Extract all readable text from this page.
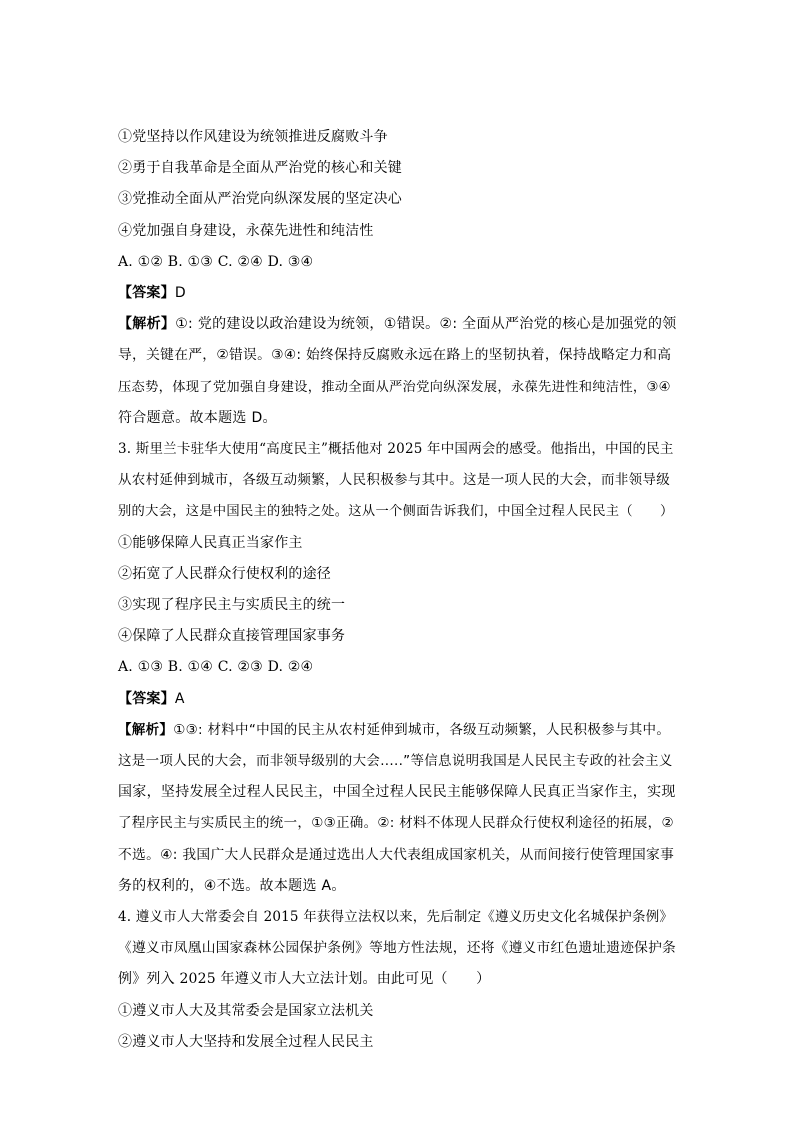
①党坚持以作风建设为统领推进反腐败斗争
②勇于自我革命是全面从严治党的核心和关键
③党推动全面从严治党向纵深发展的坚定决心
④党加强自身建设，永葆先进性和纯洁性
A. ①② B. ①③ C. ②④ D. ③④
【答案】D
【解析】①: 党的建设以政治建设为统领，①错误。②: 全面从严治党的核心是加强党的领
导，关键在严，②错误。③④: 始终保持反腐败永远在路上的坚韧执着，保持战略定力和高
压态势，体现了党加强自身建设，推动全面从严治党向纵深发展，永葆先进性和纯洁性，③④
符合题意。故本题选 D。
3. 斯里兰卡驻华大使用“高度民主”概括他对 2025 年中国两会的感受。他指出，中国的民主
从农村延伸到城市，各级互动频繁，人民积极参与其中。这是一项人民的大会，而非领导级
别的大会，这是中国民主的独特之处。这从一个侧面告诉我们，中国全过程人民民主（　　）
①能够保障人民真正当家作主
②拓宽了人民群众行使权利的途径
③实现了程序民主与实质民主的统一
④保障了人民群众直接管理国家事务
A. ①③ B. ①④ C. ②③ D. ②④
【答案】A
【解析】①③: 材料中“中国的民主从农村延伸到城市，各级互动频繁，人民积极参与其中。
这是一项人民的大会，而非领导级别的大会.....”等信息说明我国是人民民主专政的社会主义
国家，坚持发展全过程人民民主，中国全过程人民民主能够保障人民真正当家作主，实现
了程序民主与实质民主的统一，①③正确。②: 材料不体现人民群众行使权利途径的拓展，②
不选。④: 我国广大人民群众是通过选出人大代表组成国家机关，从而间接行使管理国家事
务的权利的，④不选。故本题选 A。
4. 遵义市人大常委会自 2015 年获得立法权以来，先后制定《遵义历史文化名城保护条例》
《遵义市凤凰山国家森林公园保护条例》等地方性法规，还将《遵义市红色遗址遗迹保护条
例》列入 2025 年遵义市人大立法计划。由此可见（　　）
①遵义市人大及其常委会是国家立法机关
②遵义市人大坚持和发展全过程人民民主
